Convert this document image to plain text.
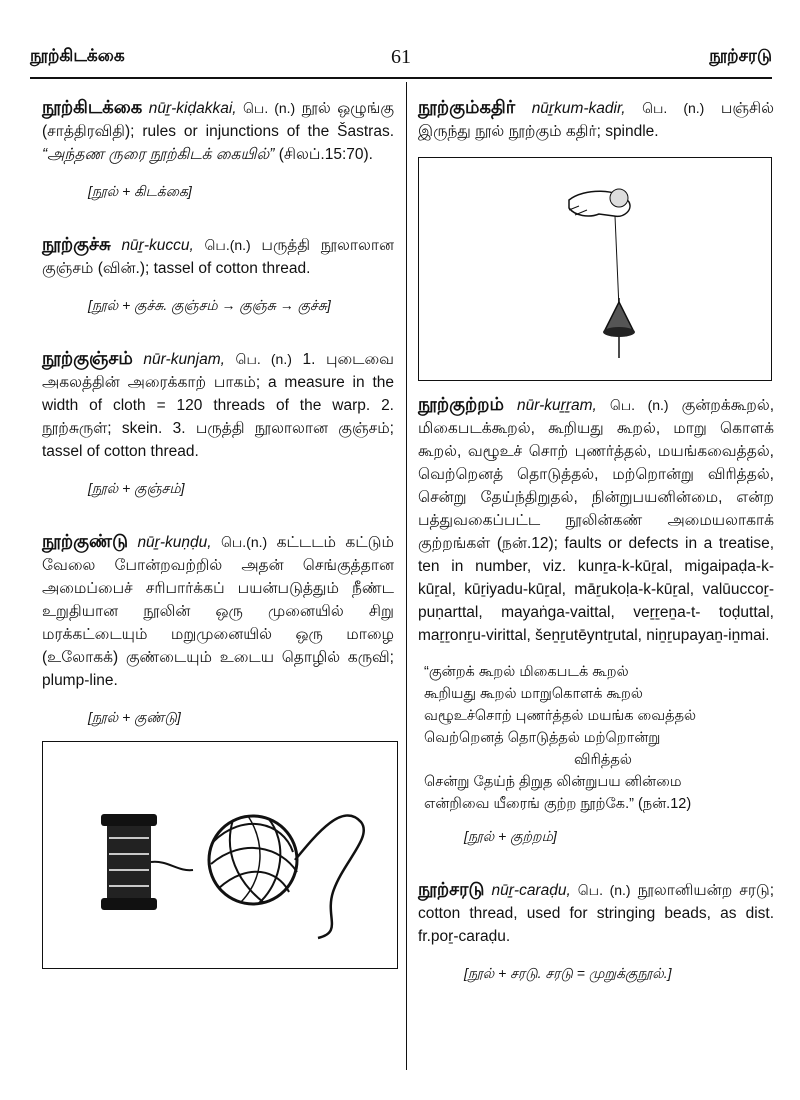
நூற்கிடக்கை	61	நூற்சரடு
நூற்கிடக்கை nūṟ-kiḍakkai, பெ. (n.) நூல் ஒழுங்கு (சாத்திரவிதி); rules or injunctions of the Šastras. “அந்தண ருரை நூற்கிடக் கையில்” (சிலப்.15:70).
[நூல் + கிடக்கை]
நூற்குச்சு nūṟ-kuccu, பெ.(n.) பருத்தி நூலாலான குஞ்சம் (வின்.); tassel of cotton thread.
[நூல் + குச்சு. குஞ்சம் → குஞ்சு → குச்சு]
நூற்குஞ்சம் nūr-kunjam, பெ. (n.) 1. புடைவை அகலத்தின் அரைக்காற் பாகம்; a measure in the width of cloth = 120 threads of the warp. 2. நூற்சுருள்; skein. 3. பருத்தி நூலாலான குஞ்சம்; tassel of cotton thread.
[நூல் + குஞ்சம்]
நூற்குண்டு nūṟ-kuṇḍu, பெ.(n.) கட்டடம் கட்டும் வேலை போன்றவற்றில் அதன் செங்குத்தான அமைப்பைச் சரிபார்க்கப் பயன்படுத்தும் நீண்ட உறுதியான நூலின் ஒரு முனையில் சிறு மரக்கட்டையும் மறுமுனையில் ஒரு மாழை (உலோகக்) குண்டையும் உடைய தொழில் கருவி; plump-line.
[நூல் + குண்டு]
நூற்கும்கதிர் nūṟkum-kadir, பெ. (n.) பஞ்சில் இருந்து நூல் நூற்கும் கதிர்; spindle.
நூற்குற்றம் nūr-kuṟṟam, பெ. (n.) குன்றக்கூறல், மிகைபடக்கூறல், கூறியது கூறல், மாறு கொளக் கூறல், வழூஉச் சொற் புணர்த்தல், மயங்கவைத்தல், வெற்றெனத் தொடுத்தல், மற்றொன்று விரித்தல், சென்று தேய்ந்திறுதல், நின்றுபயனின்மை, என்ற பத்துவகைப்பட்ட நூலின்கண் அமையலாகாக் குற்றங்கள் (நன்.12); faults or defects in a treatise, ten in number, viz. kunṟa-k-kūṟal, migaipaḍa-k-kūṟal, kūṟiyadu-kūṟal, māṟukoḷa-k-kūṟal, valūuccoṟ-puṇarttal, mayaṅga-vaittal, veṟṟeṉa-t- toḍuttal, maṟṟonṟu-virittal, šeṉṟutēyntṟutal, niṉṟupayaṉ-iṉmai.
“குன்றக் கூறல் மிகைபடக் கூறல்
கூறியது கூறல் மாறுகொளக் கூறல்
வழூஉச்சொற் புணர்த்தல் மயங்க வைத்தல்
வெற்றெனத் தொடுத்தல் மற்றொன்று
விரித்தல்
சென்று தேய்ந் திறுத லின்றுபய னின்மை
என்றிவை யீரைங் குற்ற நூற்கே.” (நன்.12)
[நூல் + குற்றம்]
நூற்சரடு nūṟ-caraḍu, பெ. (n.) நூலானியன்ற சரடு; cotton thread, used for stringing beads, as dist. fr.poṟ-caraḍu.
[நூல் + சரடு. சரடு = முறுக்குநூல்.]
